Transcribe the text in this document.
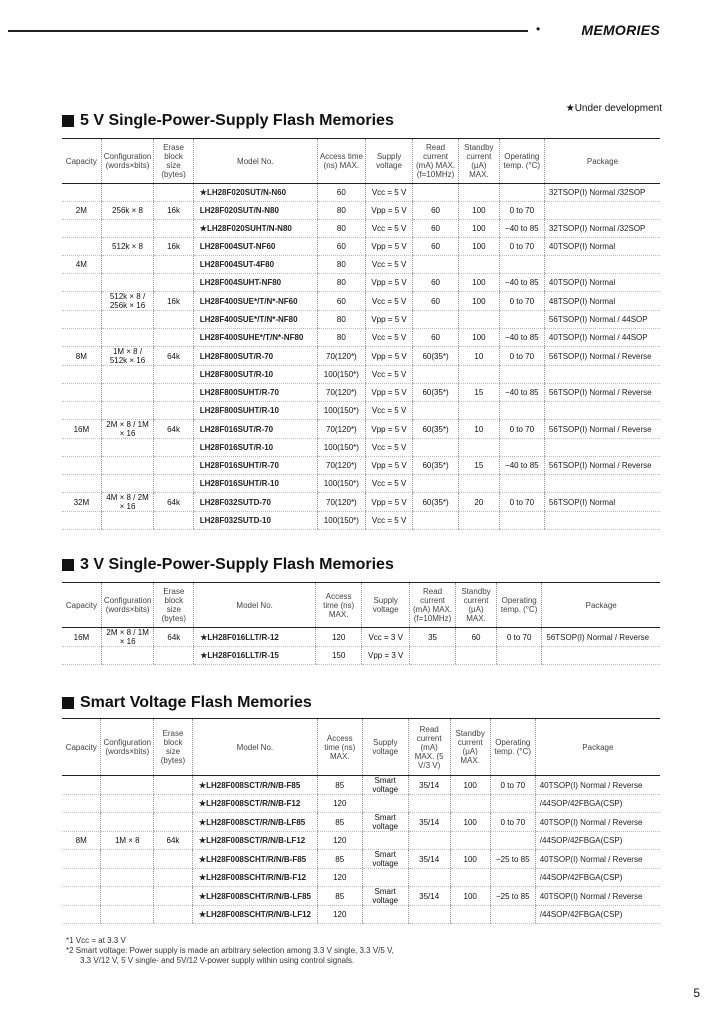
•	MEMORIES
5 V Single-Power-Supply Flash Memories
★Under development
Capacity	Configuration (words×bits)	Erase block size (bytes)	Model No.	Access time (ns) MAX.	Supply voltage	Read current (mA) MAX. (f=10MHz)	Standby current (μA) MAX.	Operating temp. (°C)	Package
			★LH28F020SUT/N-N60	60	Vcc = 5 V				32TSOP(I) Normal /32SOP
2M	256k × 8	16k	LH28F020SUT/N-N80	80	Vpp = 5 V	60	100	0 to 70	
			★LH28F020SUHT/N-N80	80	Vcc = 5 V	60	100	−40 to 85	32TSOP(I) Normal /32SOP
	512k × 8	16k	LH28F004SUT-NF60	60	Vpp = 5 V	60	100	0 to 70	40TSOP(I) Normal
4M			LH28F004SUT-4F80	80	Vcc = 5 V				
			LH28F004SUHT-NF80	80	Vpp = 5 V	60	100	−40 to 85	40TSOP(I) Normal
	512k × 8 / 256k × 16	16k	LH28F400SUE*/T/N*-NF60	60	Vcc = 5 V	60	100	0 to 70	48TSOP(I) Normal
			LH28F400SUE*/T/N*-NF80	80	Vpp = 5 V				56TSOP(I) Normal / 44SOP
			LH28F400SUHE*/T/N*-NF80	80	Vcc = 5 V	60	100	−40 to 85	40TSOP(I) Normal / 44SOP
8M	1M × 8 / 512k × 16	64k	LH28F800SUT/R-70	70(120*)	Vpp = 5 V	60(35*)	10	0 to 70	56TSOP(I) Normal / Reverse
			LH28F800SUT/R-10	100(150*)	Vcc = 5 V				
			LH28F800SUHT/R-70	70(120*)	Vpp = 5 V	60(35*)	15	−40 to 85	56TSOP(I) Normal / Reverse
			LH28F800SUHT/R-10	100(150*)	Vcc = 5 V				
16M	2M × 8 / 1M × 16	64k	LH28F016SUT/R-70	70(120*)	Vpp = 5 V	60(35*)	10	0 to 70	56TSOP(I) Normal / Reverse
			LH28F016SUT/R-10	100(150*)	Vcc = 5 V				
			LH28F016SUHT/R-70	70(120*)	Vpp = 5 V	60(35*)	15	−40 to 85	56TSOP(I) Normal / Reverse
			LH28F016SUHT/R-10	100(150*)	Vcc = 5 V				
32M	4M × 8 / 2M × 16	64k	LH28F032SUTD-70	70(120*)	Vpp = 5 V	60(35*)	20	0 to 70	56TSOP(I) Normal
			LH28F032SUTD-10	100(150*)	Vcc = 5 V				
3 V Single-Power-Supply Flash Memories
Capacity	Configuration (words×bits)	Erase block size (bytes)	Model No.	Access time (ns) MAX.	Supply voltage	Read current (mA) MAX. (f=10MHz)	Standby current (μA) MAX.	Operating temp. (°C)	Package
16M	2M × 8 / 1M × 16	64k	★LH28F016LLT/R-12	120	Vcc = 3 V	35	60	0 to 70	56TSOP(I) Normal / Reverse
			★LH28F016LLT/R-15	150	Vpp = 3 V				
Smart Voltage Flash Memories
Capacity	Configuration (words×bits)	Erase block size (bytes)	Model No.	Access time (ns) MAX.	Supply voltage	Read current (mA) MAX. (5 V/3 V)	Standby current (μA) MAX.	Operating temp. (°C)	Package
			★LH28F008SCT/R/N/B-F85	85	Smart voltage	35/14	100	0 to 70	40TSOP(I) Normal / Reverse
			★LH28F008SCT/R/N/B-F12	120					/44SOP/42FBGA(CSP)
			★LH28F008SCT/R/N/B-LF85	85	Smart voltage	35/14	100	0 to 70	40TSOP(I) Normal / Reverse
8M	1M × 8	64k	★LH28F008SCT/R/N/B-LF12	120					/44SOP/42FBGA(CSP)
			★LH28F008SCHT/R/N/B-F85	85	Smart voltage	35/14	100	−25 to 85	40TSOP(I) Normal / Reverse
			★LH28F008SCHT/R/N/B-F12	120					/44SOP/42FBGA(CSP)
			★LH28F008SCHT/R/N/B-LF85	85	Smart voltage	35/14	100	−25 to 85	40TSOP(I) Normal / Reverse
			★LH28F008SCHT/R/N/B-LF12	120					/44SOP/42FBGA(CSP)
*1 Vcc = at 3.3 V
*2 Smart voltage: Power supply is made an arbitrary selection among 3.3 V single, 3.3 V/5 V,
3.3 V/12 V, 5 V single- and 5V/12 V-power supply within using control signals.
5
